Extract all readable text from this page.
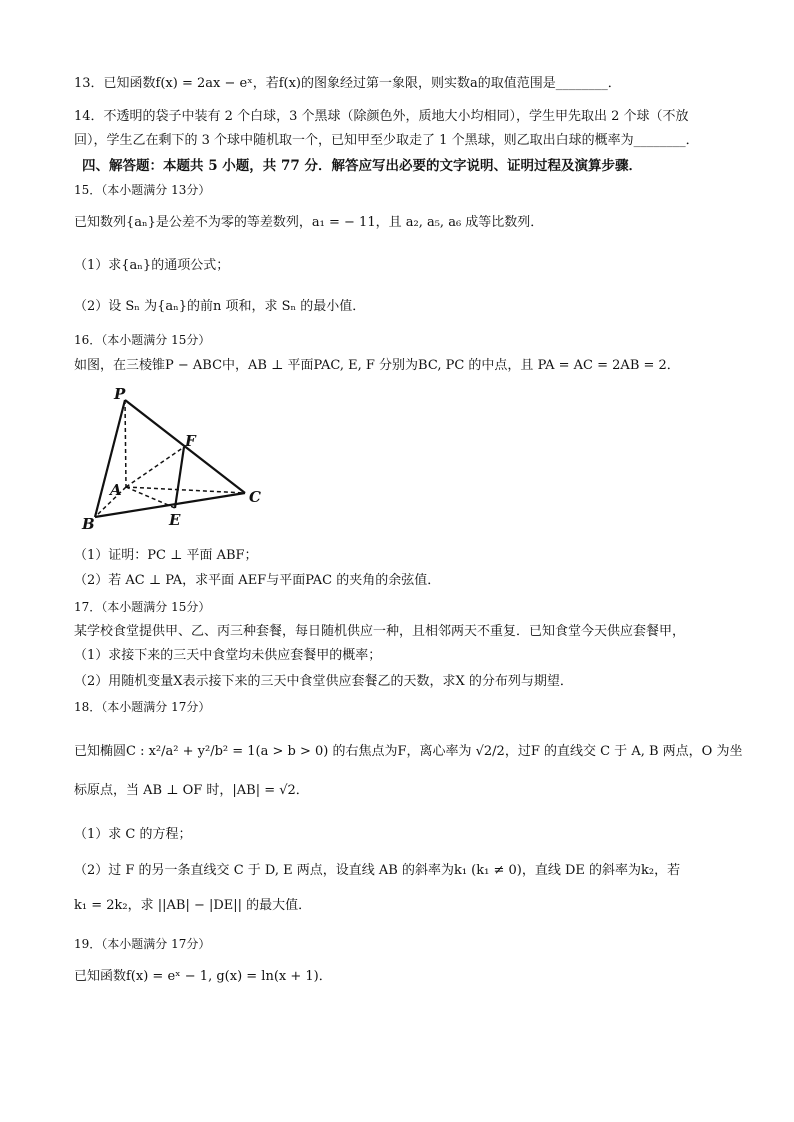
13．已知函数f(x) = 2ax − eˣ，若f(x)的图象经过第一象限，则实数a的取值范围是________．
14．不透明的袋子中装有 2 个白球，3 个黑球（除颜色外，质地大小均相同），学生甲先取出 2 个球（不放
回），学生乙在剩下的 3 个球中随机取一个，已知甲至少取走了 1 个黑球，则乙取出白球的概率为________．
四、解答题：本题共 5 小题，共 77 分．解答应写出必要的文字说明、证明过程及演算步骤．
15．（本小题满分 13分）
已知数列{aₙ}是公差不为零的等差数列，a₁ = − 11，且 a₂, a₅, a₆ 成等比数列．
（1）求{aₙ}的通项公式；
（2）设 Sₙ 为{aₙ}的前n 项和，求 Sₙ 的最小值．
16．（本小题满分 15分）
如图，在三棱锥P − ABC中，AB ⊥ 平面PAC, E, F 分别为BC, PC 的中点，且 PA = AC = 2AB = 2．
P
F
A	C
B	E
（1）证明：PC ⊥ 平面 ABF；
（2）若 AC ⊥ PA，求平面 AEF与平面PAC 的夹角的余弦值．
17．（本小题满分 15分）
某学校食堂提供甲、乙、丙三种套餐，每日随机供应一种，且相邻两天不重复．已知食堂今天供应套餐甲，
（1）求接下来的三天中食堂均未供应套餐甲的概率；
（2）用随机变量X表示接下来的三天中食堂供应套餐乙的天数，求X 的分布列与期望．
18．（本小题满分 17分）
已知椭圆C : x²/a² + y²/b² = 1(a > b > 0) 的右焦点为F，离心率为 √2/2，过F 的直线交 C 于 A, B 两点，O 为坐
标原点，当 AB ⊥ OF 时，|AB| = √2．
（1）求 C 的方程；
（2）过 F 的另一条直线交 C 于 D, E 两点，设直线 AB 的斜率为k₁ (k₁ ≠ 0)，直线 DE 的斜率为k₂，若
k₁ = 2k₂，求 ||AB| − |DE|| 的最大值．
19．（本小题满分 17分）
已知函数f(x) = eˣ − 1, g(x) = ln(x + 1)．
